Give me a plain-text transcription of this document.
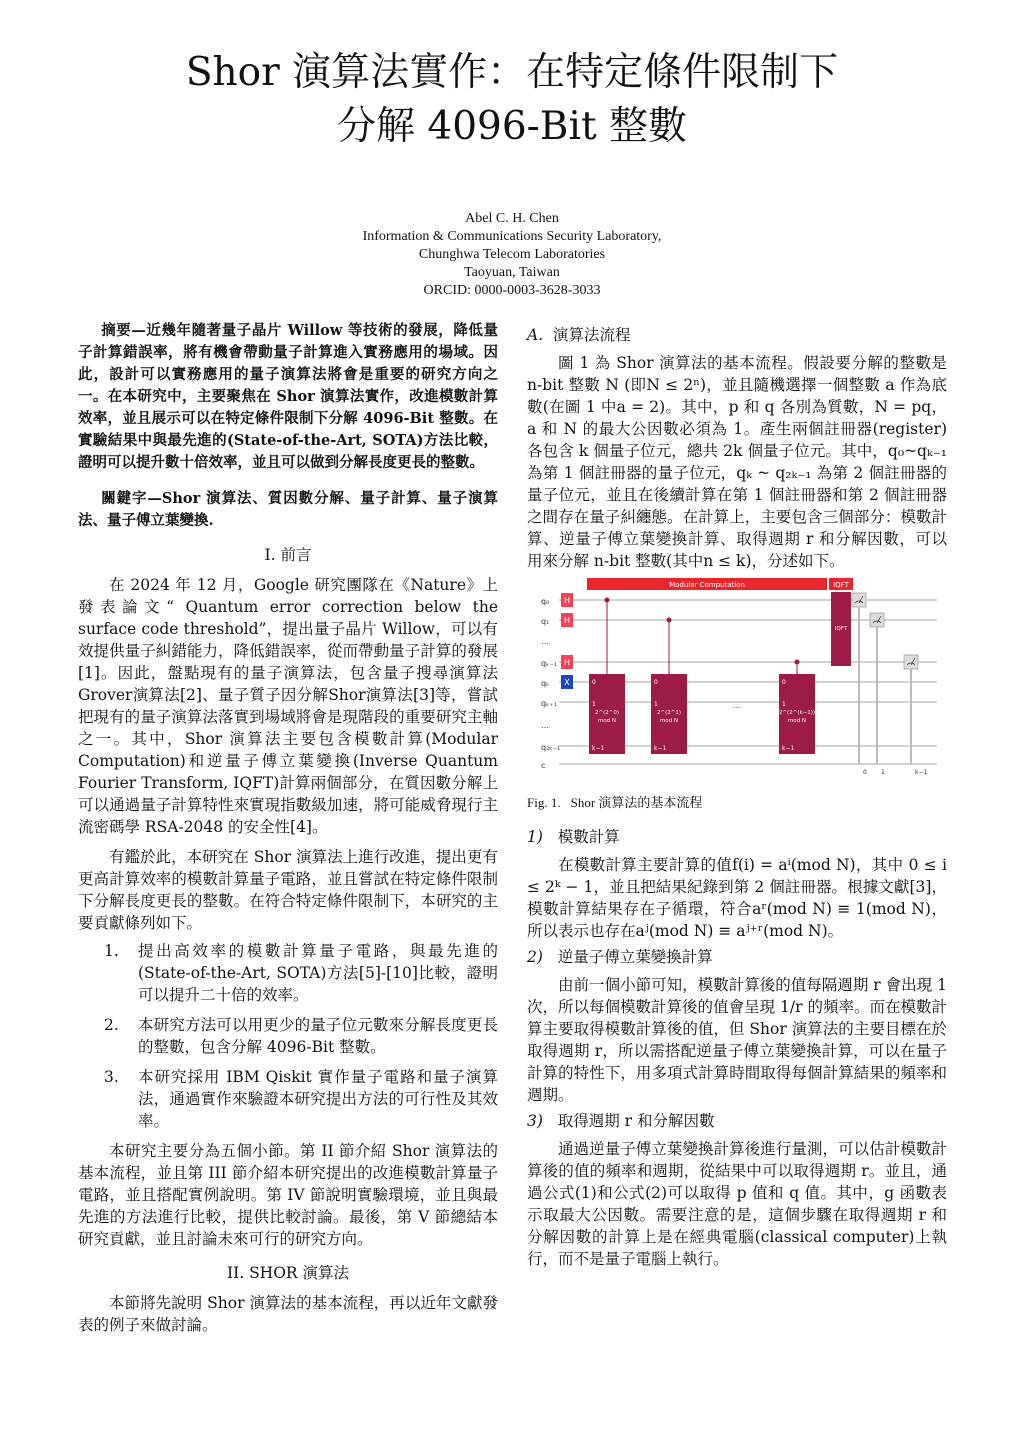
Shor 演算法實作：在特定條件限制下
分解 4096-Bit 整數
Abel C. H. Chen
Information & Communications Security Laboratory,
Chunghwa Telecom Laboratories
Taoyuan, Taiwan
ORCID: 0000-0003-3628-3033

摘要—近幾年隨著量子晶片 Willow 等技術的發展，降低量子計算錯誤率，將有機會帶動量子計算進入實務應用的場域。因此，設計可以實務應用的量子演算法將會是重要的研究方向之一。在本研究中，主要聚焦在 Shor 演算法實作，改進模數計算效率，並且展示可以在特定條件限制下分解 4096-Bit 整數。在實驗結果中與最先進的(State-of-the-Art, SOTA)方法比較，證明可以提升數十倍效率，並且可以做到分解長度更長的整數。

關鍵字—Shor 演算法、質因數分解、量子計算、量子演算法、量子傅立葉變換.

I. 前言

在 2024 年 12 月，Google 研究團隊在《Nature》上發表論文“ Quantum error correction below the surface code threshold”，提出量子晶片 Willow，可以有效提供量子糾錯能力，降低錯誤率，從而帶動量子計算的發展[1]。因此，盤點現有的量子演算法，包含量子搜尋演算法Grover演算法[2]、量子質子因分解Shor演算法[3]等，嘗試把現有的量子演算法落實到場域將會是現階段的重要研究主軸之一。其中，Shor 演算法主要包含模數計算(Modular Computation)和逆量子傅立葉變換(Inverse Quantum Fourier Transform, IQFT)計算兩個部分，在質因數分解上可以通過量子計算特性來實現指數級加速，將可能威脅現行主流密碼學 RSA-2048 的安全性[4]。

有鑑於此，本研究在 Shor 演算法上進行改進，提出更有更高計算效率的模數計算量子電路，並且嘗試在特定條件限制下分解長度更長的整數。在符合特定條件限制下，本研究的主要貢獻條列如下。

1.	提出高效率的模數計算量子電路，與最先進的(State-of-the-Art, SOTA)方法[5]-[10]比較，證明可以提升二十倍的效率。
2.	本研究方法可以用更少的量子位元數來分解長度更長的整數，包含分解 4096-Bit 整數。
3.	本研究採用 IBM Qiskit 實作量子電路和量子演算法，通過實作來驗證本研究提出方法的可行性及其效率。

本研究主要分為五個小節。第 II 節介紹 Shor 演算法的基本流程，並且第 III 節介紹本研究提出的改進模數計算量子電路，並且搭配實例說明。第 IV 節說明實驗環境，並且與最先進的方法進行比較，提供比較討論。最後，第 V 節總結本研究貢獻，並且討論未來可行的研究方向。

II. SHOR 演算法

本節將先說明 Shor 演算法的基本流程，再以近年文獻發表的例子來做討論。

A. 演算法流程

圖 1 為 Shor 演算法的基本流程。假設要分解的整數是 n-bit 整數 N (即N ≤ 2ⁿ)，並且隨機選擇一個整數 a 作為底數(在圖 1 中a = 2)。其中，p 和 q 各別為質數，N = pq，a 和 N 的最大公因數必須為 1。產生兩個註冊器(register)各包含 k 個量子位元，總共 2k 個量子位元。其中，q₀~qₖ₋₁ 為第 1 個註冊器的量子位元，qₖ ~ q₂ₖ₋₁ 為第 2 個註冊器的量子位元，並且在後續計算在第 1 個註冊器和第 2 個註冊器之間存在量子糾纏態。在計算上，主要包含三個部分：模數計算、逆量子傅立葉變換計算、取得週期 r 和分解因數，可以用來分解 n-bit 整數(其中n ≤ k)，分述如下。

q₀
q₁
…
qₖ₋₁
qₖ
qₖ₊₁
…
q₂ₖ₋₁
c
Modular Computation	IQFT
H
H
H
X	0
1
k−1
2^(2^0)
mod N
0
1
k−1
2^(2^1)
mod N
0
1
k−1
2^(2^(k−1))
mod N
…
IQFT
0 1	k−1
Fig. 1. Shor 演算法的基本流程
1) 模數計算

在模數計算主要計算的值f(i) = aⁱ(mod N)，其中 0 ≤ i ≤ 2ᵏ − 1，並且把結果紀錄到第 2 個註冊器。根據文獻[3]，模數計算結果存在子循環，符合aʳ(mod N) ≡ 1(mod N)，所以表示也存在aʲ(mod N) ≡ aʲ⁺ʳ(mod N)。

2) 逆量子傅立葉變換計算

由前一個小節可知，模數計算後的值每隔週期 r 會出現 1 次，所以每個模數計算後的值會呈現 1/r 的頻率。而在模數計算主要取得模數計算後的值，但 Shor 演算法的主要目標在於取得週期 r，所以需搭配逆量子傅立葉變換計算，可以在量子計算的特性下，用多項式計算時間取得每個計算結果的頻率和週期。

3) 取得週期 r 和分解因數

通過逆量子傅立葉變換計算後進行量測，可以估計模數計算後的值的頻率和週期，從結果中可以取得週期 r。並且，通過公式(1)和公式(2)可以取得 p 值和 q 值。其中，g 函數表示取最大公因數。需要注意的是，這個步驟在取得週期 r 和分解因數的計算上是在經典電腦(classical computer)上執行，而不是量子電腦上執行。
